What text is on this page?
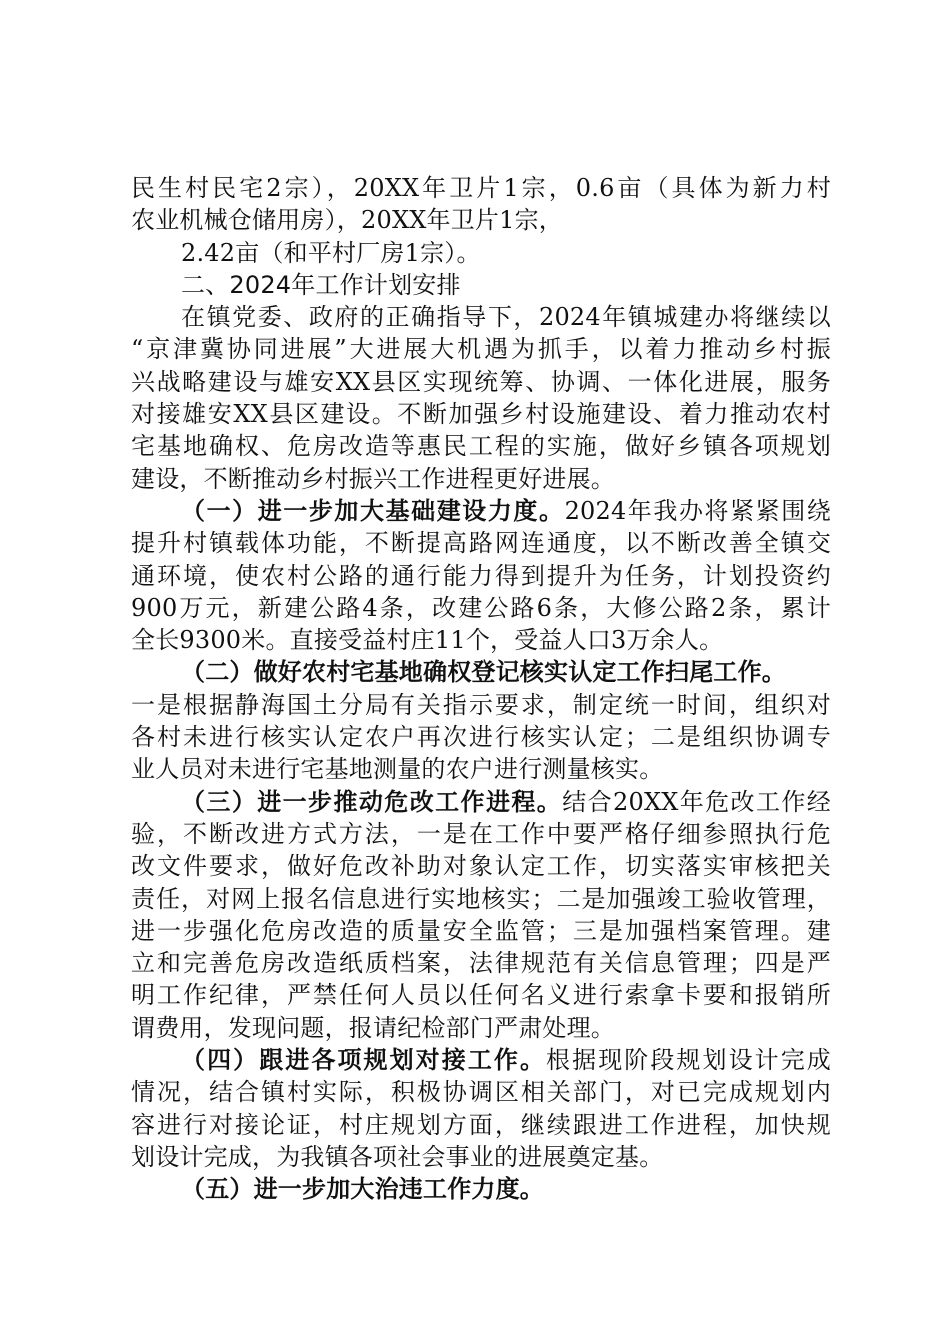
民生村民宅2宗），20XX年卫片1宗，0.6亩（具体为新力村
农业机械仓储用房），20XX年卫片1宗，
2.42亩（和平村厂房1宗）。
二、2024年工作计划安排
在镇党委、政府的正确指导下，2024年镇城建办将继续以
“京津冀协同进展”大进展大机遇为抓手，以着力推动乡村振
兴战略建设与雄安XX县区实现统筹、协调、一体化进展，服务
对接雄安XX县区建设。不断加强乡村设施建设、着力推动农村
宅基地确权、危房改造等惠民工程的实施，做好乡镇各项规划
建设，不断推动乡村振兴工作进程更好进展。
（一）进一步加大基础建设力度。2024年我办将紧紧围绕
提升村镇载体功能，不断提高路网连通度，以不断改善全镇交
通环境，使农村公路的通行能力得到提升为任务，计划投资约
900万元，新建公路4条，改建公路6条，大修公路2条，累计
全长9300米。直接受益村庄11个，受益人口3万余人。
（二）做好农村宅基地确权登记核实认定工作扫尾工作。
一是根据静海国土分局有关指示要求，制定统一时间，组织对
各村未进行核实认定农户再次进行核实认定；二是组织协调专
业人员对未进行宅基地测量的农户进行测量核实。
（三）进一步推动危改工作进程。结合20XX年危改工作经
验，不断改进方式方法，一是在工作中要严格仔细参照执行危
改文件要求，做好危改补助对象认定工作，切实落实审核把关
责任，对网上报名信息进行实地核实；二是加强竣工验收管理，
进一步强化危房改造的质量安全监管；三是加强档案管理。建
立和完善危房改造纸质档案，法律规范有关信息管理；四是严
明工作纪律，严禁任何人员以任何名义进行索拿卡要和报销所
谓费用，发现问题，报请纪检部门严肃处理。
（四）跟进各项规划对接工作。根据现阶段规划设计完成
情况，结合镇村实际，积极协调区相关部门，对已完成规划内
容进行对接论证，村庄规划方面，继续跟进工作进程，加快规
划设计完成，为我镇各项社会事业的进展奠定基。
（五）进一步加大治违工作力度。
